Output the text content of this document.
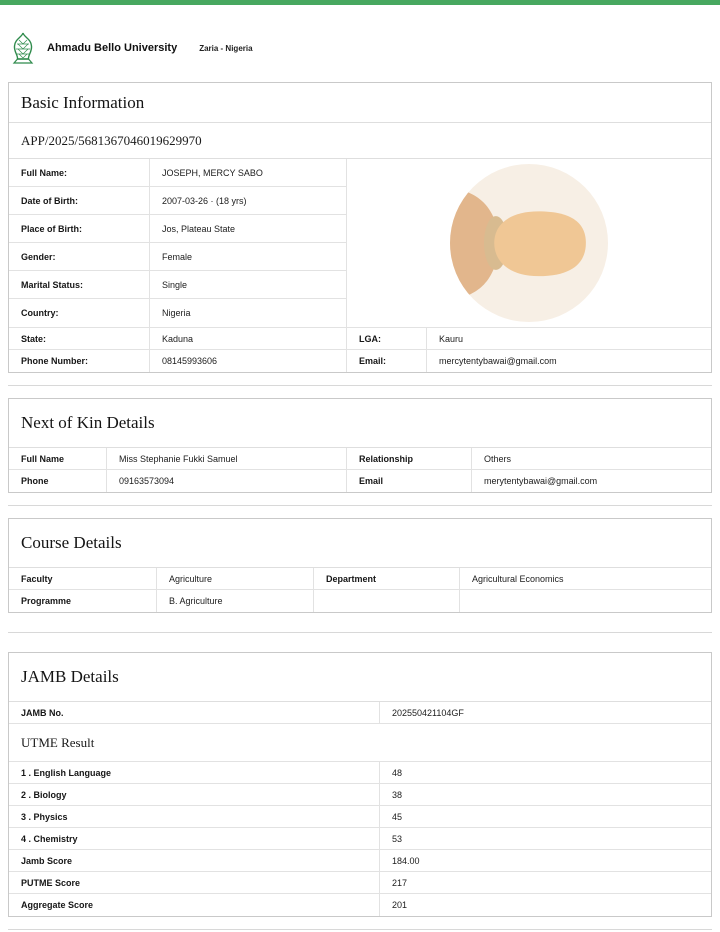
Ahmadu Bello University	Zaria - Nigeria
Basic Information
APP/2025/5681367046019629970
Full Name:	JOSEPH, MERCY SABO
Date of Birth:	2007-03-26 · (18 yrs)
Place of Birth:	Jos, Plateau State
Gender:	Female
Marital Status:	Single
Country:	Nigeria
State:	Kaduna	LGA:	Kauru
Phone Number:	08145993606	Email:	mercytentybawai@gmail.com
Next of Kin Details
Full Name	Miss Stephanie Fukki Samuel	Relationship	Others
Phone	09163573094	Email	merytentybawai@gmail.com
Course Details
Faculty	Agriculture	Department	Agricultural Economics
Programme	B. Agriculture
JAMB Details
JAMB No.	202550421104GF
UTME Result
1 . English Language	48
2 . Biology	38
3 . Physics	45
4 . Chemistry	53
Jamb Score	184.00
PUTME Score	217
Aggregate Score	201
